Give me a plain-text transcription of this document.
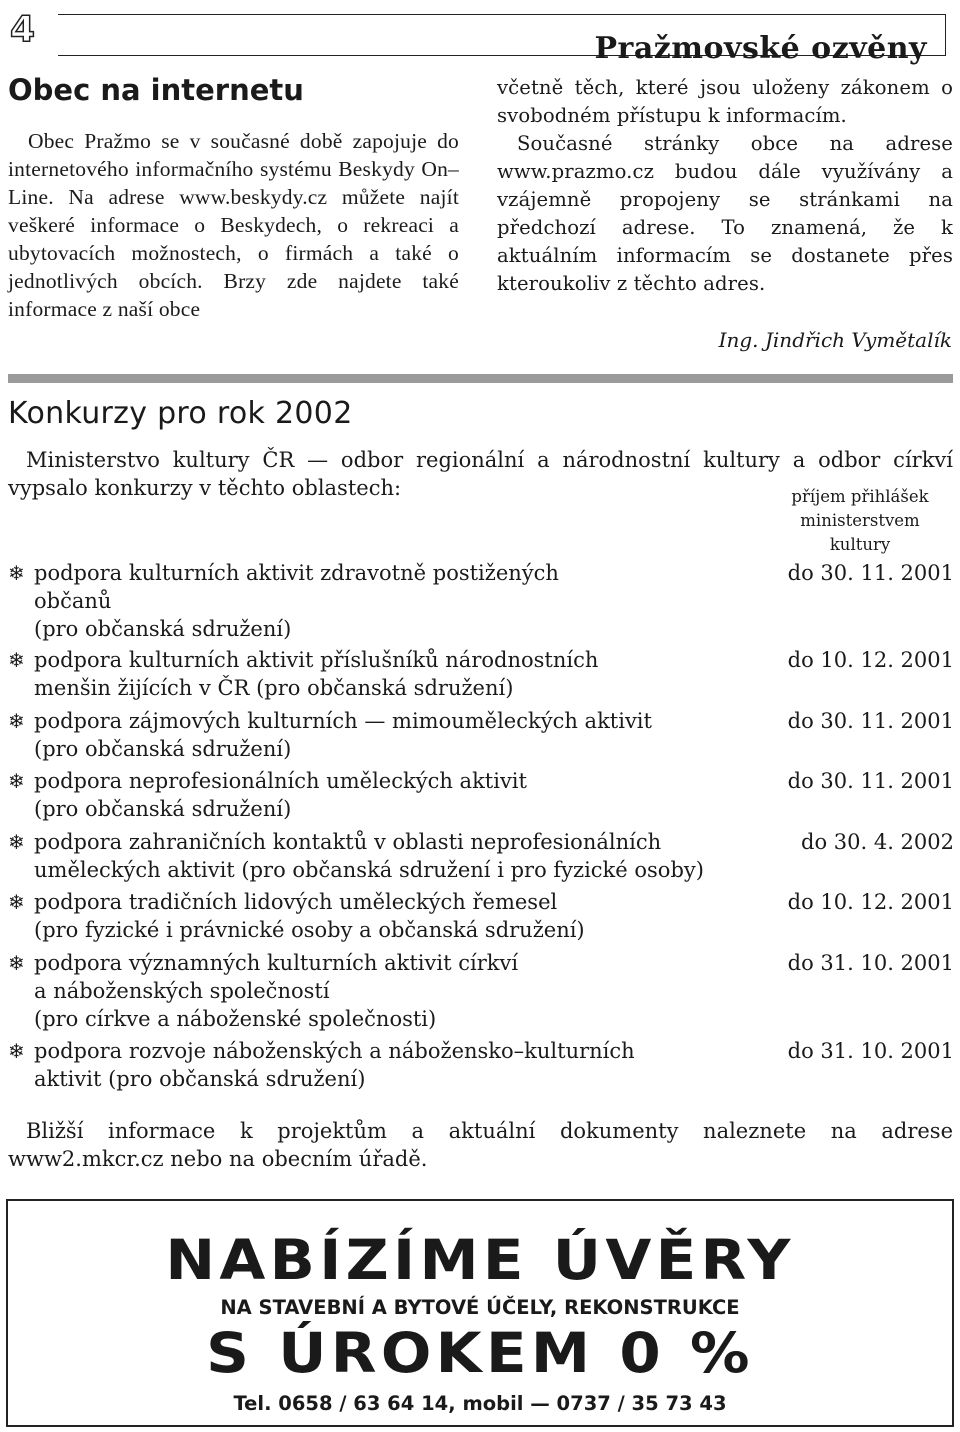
4	Pražmovské ozvěny
Obec na internetu

Obec Pražmo se v současné době zapojuje do internetového informačního systému Beskydy On–Line. Na adrese www.beskydy.cz můžete najít veškeré informace o Beskydech, o rekreaci a ubytovacích možnostech, o firmách a také o jednotlivých obcích. Brzy zde najdete také informace z naší obce

včetně těch, které jsou uloženy zákonem o svobodném přístupu k informacím.
Současné stránky obce na adrese www.prazmo.cz budou dále využívány a vzájemně propojeny se stránkami na předchozí adrese. To znamená, že k aktuálním informacím se dostanete přes kteroukoliv z těchto adres.
Ing. Jindřich Vymětalík
Konkurzy pro rok 2002

Ministerstvo kultury ČR — odbor regionální a národnostní kultury a odbor církví vypsalo konkurzy v těchto oblastech:	příjem přihlášek
ministerstvem
kultury
❄ podpora kulturních aktivit zdravotně postižených
občanů
(pro občanská sdružení)
do 30. 11. 2001
❄ podpora kulturních aktivit příslušníků národnostních
menšin žijících v ČR (pro občanská sdružení)
do 10. 12. 2001
❄ podpora zájmových kulturních — mimouměleckých aktivit
(pro občanská sdružení)
do 30. 11. 2001
❄ podpora neprofesionálních uměleckých aktivit
(pro občanská sdružení)
do 30. 11. 2001
❄ podpora zahraničních kontaktů v oblasti neprofesionálních
uměleckých aktivit (pro občanská sdružení i pro fyzické osoby)
do 30. 4. 2002
❄ podpora tradičních lidových uměleckých řemesel
(pro fyzické i právnické osoby a občanská sdružení)
do 10. 12. 2001
❄ podpora významných kulturních aktivit církví
a náboženských společností
(pro církve a náboženské společnosti)
do 31. 10. 2001
❄ podpora rozvoje náboženských a nábožensko–kulturních
aktivit (pro občanská sdružení)
do 31. 10. 2001

Bližší informace k projektům a aktuální dokumenty naleznete na adrese www2.mkcr.cz nebo na obecním úřadě.

NABÍZÍME ÚVĚRY
NA STAVEBNÍ A BYTOVÉ ÚČELY, REKONSTRUKCE
S ÚROKEM 0 %
Tel. 0658 / 63 64 14, mobil — 0737 / 35 73 43
